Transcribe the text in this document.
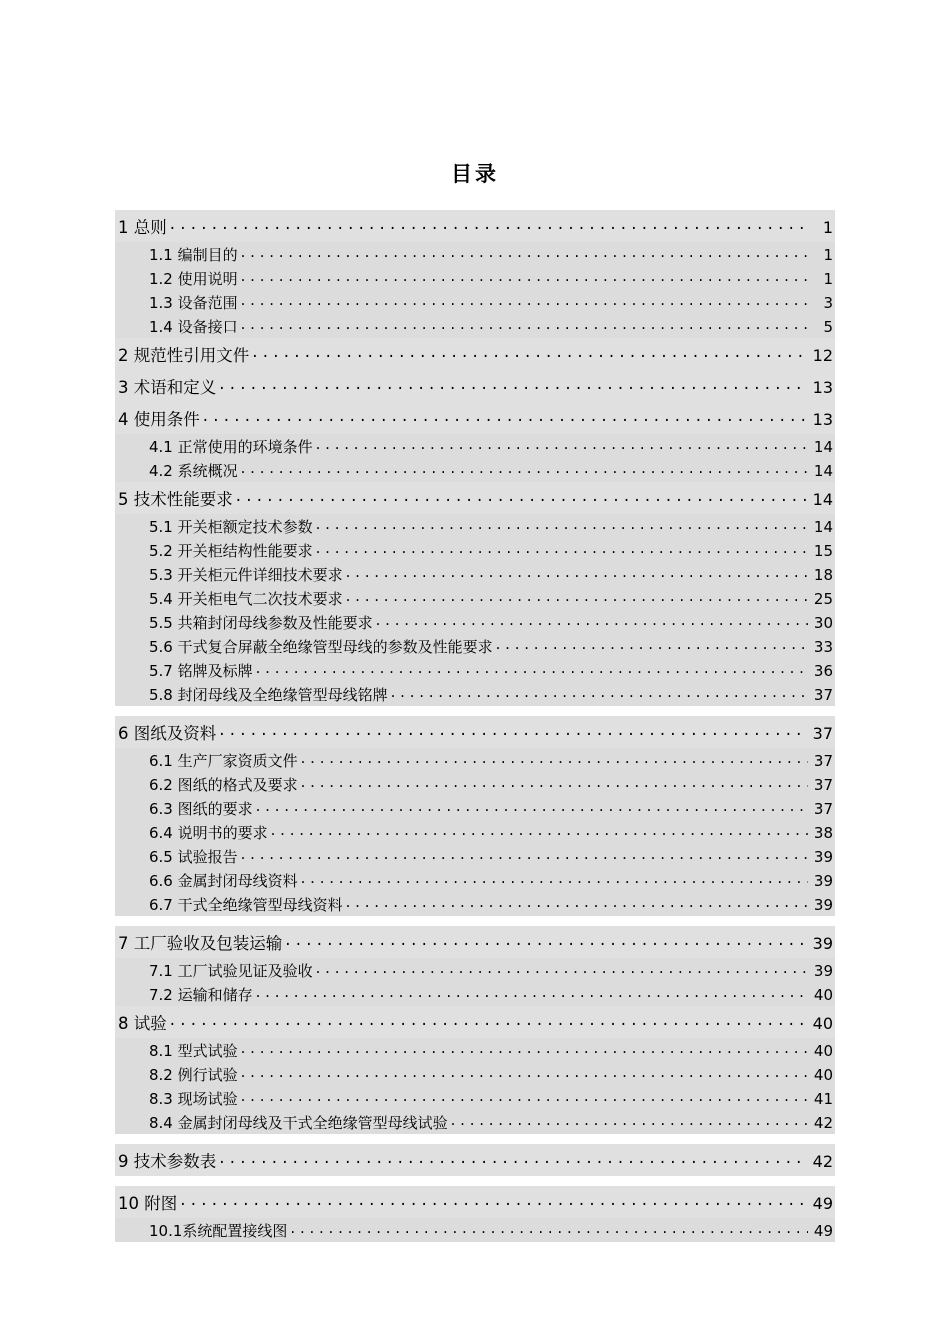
目录
1 总则 . . .	1
1.1 编制目的 . . .	1
1.2 使用说明 . . .	1
1.3 设备范围 . . .	3
1.4 设备接口 . . .	5
2 规范性引用文件 . . .	12
3 术语和定义 . . .	13
4 使用条件 . . .	13
4.1 正常使用的环境条件 . . .	14
4.2 系统概况 . . .	14
5 技术性能要求 . . .	14
5.1 开关柜额定技术参数 . . .	14
5.2 开关柜结构性能要求 . . .	15
5.3 开关柜元件详细技术要求 . . .	18
5.4 开关柜电气二次技术要求 . . .	25
5.5 共箱封闭母线参数及性能要求 . . .	30
5.6 干式复合屏蔽全绝缘管型母线的参数及性能要求 . . .	33
5.7 铭牌及标牌 . . .	36
5.8 封闭母线及全绝缘管型母线铭牌 . . .	37
6 图纸及资料 . . .	37
6.1 生产厂家资质文件 . . .	37
6.2 图纸的格式及要求 . . .	37
6.3 图纸的要求 . . .	37
6.4 说明书的要求 . . .	38
6.5 试验报告 . . .	39
6.6 金属封闭母线资料 . . .	39
6.7 干式全绝缘管型母线资料 . . .	39
7 工厂验收及包装运输 . . .	39
7.1 工厂试验见证及验收 . . .	39
7.2 运输和储存 . . .	40
8 试验 . . .	40
8.1 型式试验 . . .	40
8.2 例行试验 . . .	40
8.3 现场试验 . . .	41
8.4 金属封闭母线及干式全绝缘管型母线试验 . . .	42
9 技术参数表 . . .	42
10 附图 . . .	49
10.1系统配置接线图 . . .	49
